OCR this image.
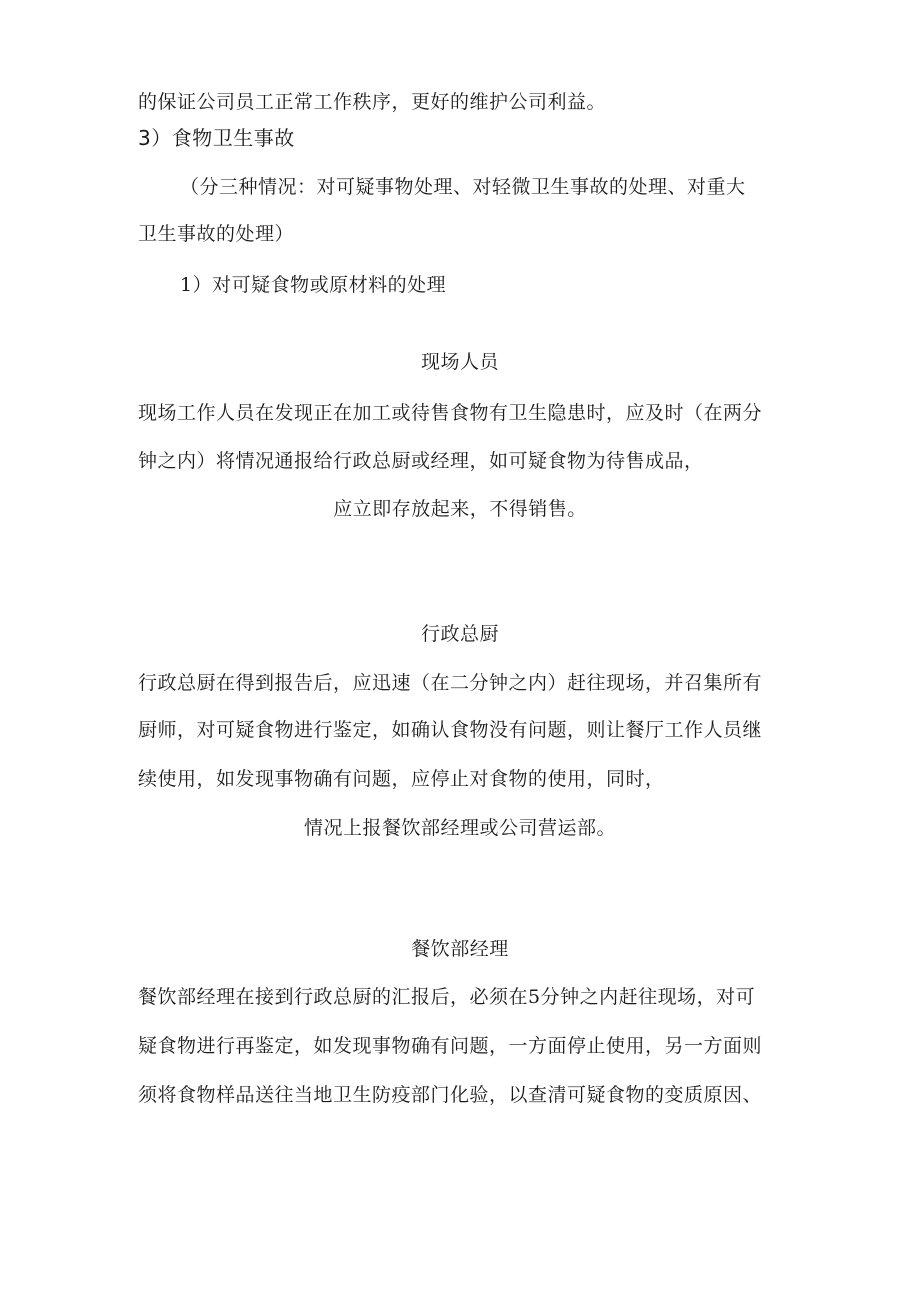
的保证公司员工正常工作秩序，更好的维护公司利益。
3）食物卫生事故
（分三种情况：对可疑事物处理、对轻微卫生事故的处理、对重大
卫生事故的处理）
1）对可疑食物或原材料的处理
现场人员
现场工作人员在发现正在加工或待售食物有卫生隐患时，应及时（在两分
钟之内）将情况通报给行政总厨或经理，如可疑食物为待售成品，
应立即存放起来，不得销售。
行政总厨
行政总厨在得到报告后，应迅速（在二分钟之内）赶往现场，并召集所有
厨师，对可疑食物进行鉴定，如确认食物没有问题，则让餐厅工作人员继
续使用，如发现事物确有问题，应停止对食物的使用，同时，
情况上报餐饮部经理或公司营运部。
餐饮部经理
餐饮部经理在接到行政总厨的汇报后，必须在5分钟之内赶往现场，对可
疑食物进行再鉴定，如发现事物确有问题，一方面停止使用，另一方面则
须将食物样品送往当地卫生防疫部门化验，以查清可疑食物的变质原因、
